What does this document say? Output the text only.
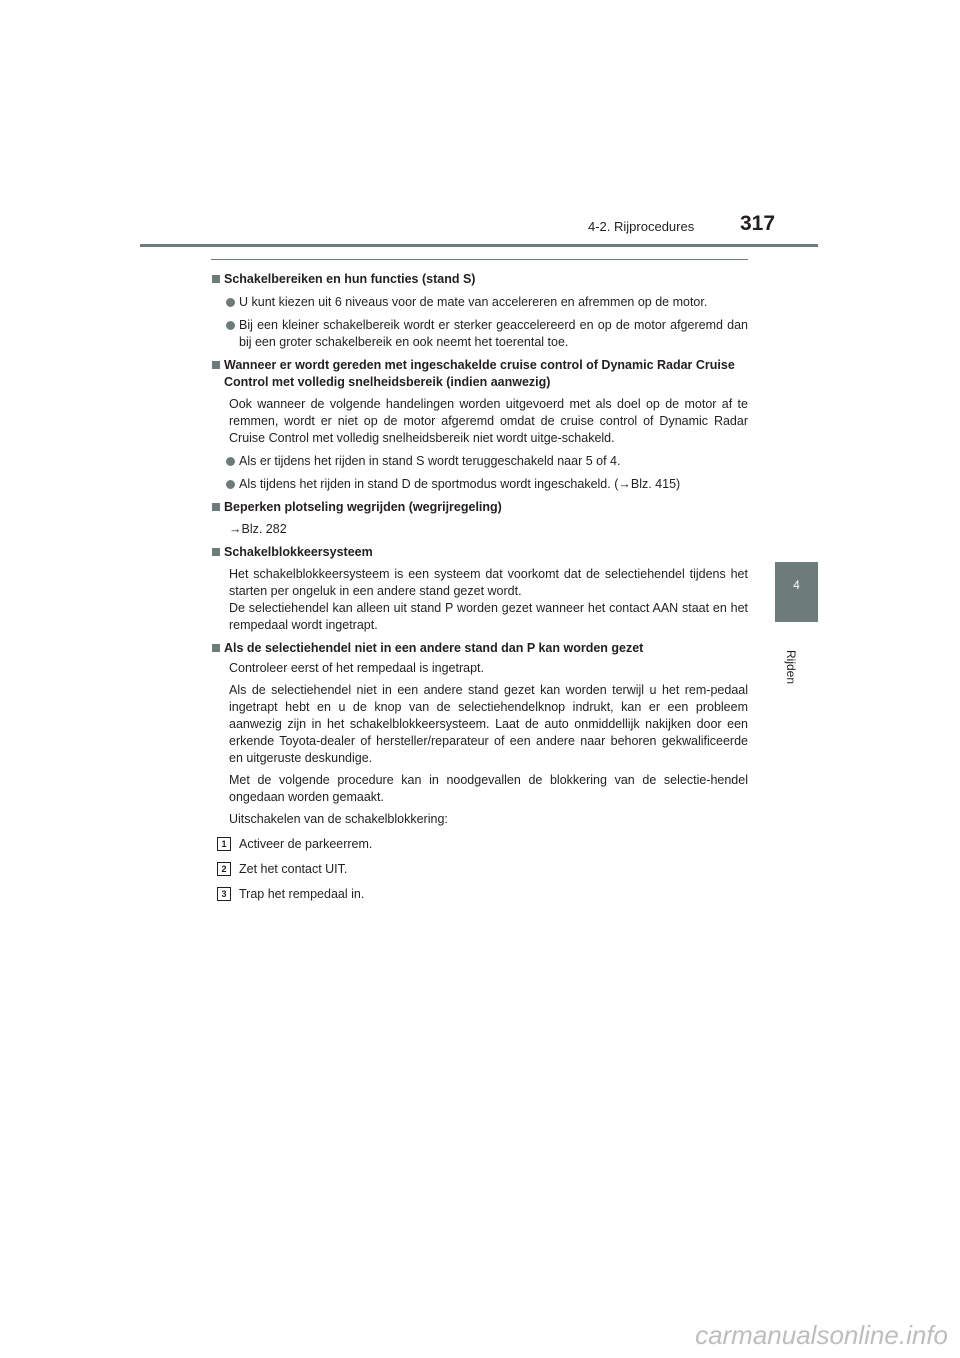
4-2. Rijprocedures 317
4
Rijden
Schakelbereiken en hun functies (stand S)
U kunt kiezen uit 6 niveaus voor de mate van accelereren en afremmen op de motor.
Bij een kleiner schakelbereik wordt er sterker geaccelereerd en op de motor afgeremd dan bij een groter schakelbereik en ook neemt het toerental toe.
Wanneer er wordt gereden met ingeschakelde cruise control of Dynamic Radar Cruise Control met volledig snelheidsbereik (indien aanwezig)
Ook wanneer de volgende handelingen worden uitgevoerd met als doel op de motor af te remmen, wordt er niet op de motor afgeremd omdat de cruise control of Dynamic Radar Cruise Control met volledig snelheidsbereik niet wordt uitge-schakeld.
Als er tijdens het rijden in stand S wordt teruggeschakeld naar 5 of 4.
Als tijdens het rijden in stand D de sportmodus wordt ingeschakeld. (→Blz. 415)
Beperken plotseling wegrijden (wegrijregeling)
→Blz. 282
Schakelblokkeersysteem
Het schakelblokkeersysteem is een systeem dat voorkomt dat de selectiehendel tijdens het starten per ongeluk in een andere stand gezet wordt.
De selectiehendel kan alleen uit stand P worden gezet wanneer het contact AAN staat en het rempedaal wordt ingetrapt.
Als de selectiehendel niet in een andere stand dan P kan worden gezet
Controleer eerst of het rempedaal is ingetrapt.
Als de selectiehendel niet in een andere stand gezet kan worden terwijl u het rem-pedaal ingetrapt hebt en u de knop van de selectiehendelknop indrukt, kan er een probleem aanwezig zijn in het schakelblokkeersysteem. Laat de auto onmiddellijk nakijken door een erkende Toyota-dealer of hersteller/reparateur of een andere naar behoren gekwalificeerde en uitgeruste deskundige.
Met de volgende procedure kan in noodgevallen de blokkering van de selectie-hendel ongedaan worden gemaakt.
Uitschakelen van de schakelblokkering:
1	Activeer de parkeerrem.
2	Zet het contact UIT.
3	Trap het rempedaal in.
carmanualsonline.info
